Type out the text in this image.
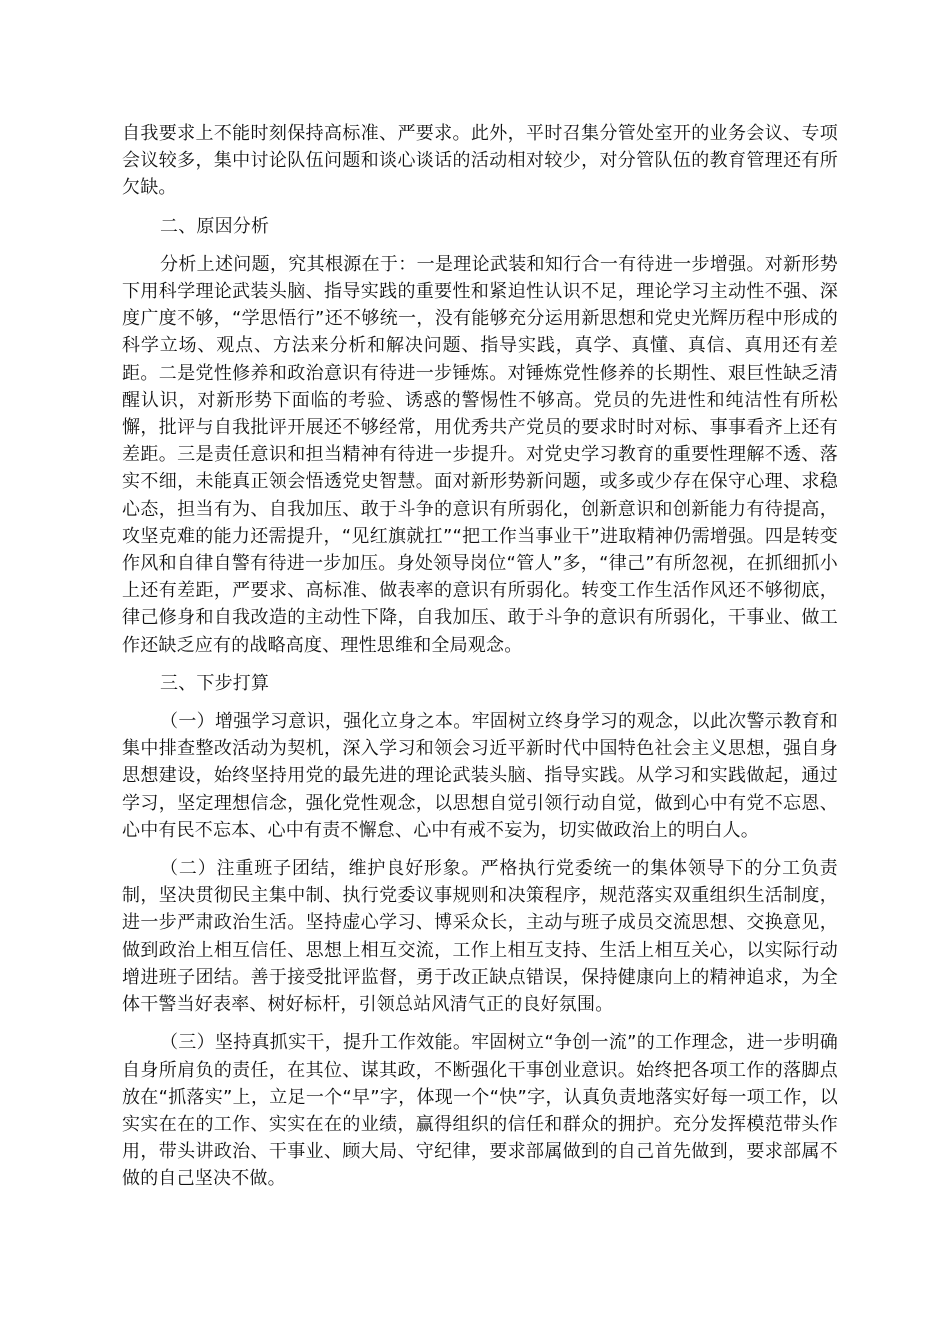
自我要求上不能时刻保持高标准、严要求。此外，平时召集分管处室开的业务会议、专项会议较多，集中讨论队伍问题和谈心谈话的活动相对较少，对分管队伍的教育管理还有所欠缺。

二、原因分析

分析上述问题，究其根源在于：一是理论武装和知行合一有待进一步增强。对新形势下用科学理论武装头脑、指导实践的重要性和紧迫性认识不足，理论学习主动性不强、深度广度不够，“学思悟行”还不够统一，没有能够充分运用新思想和党史光辉历程中形成的科学立场、观点、方法来分析和解决问题、指导实践，真学、真懂、真信、真用还有差距。二是党性修养和政治意识有待进一步锤炼。对锤炼党性修养的长期性、艰巨性缺乏清醒认识，对新形势下面临的考验、诱惑的警惕性不够高。党员的先进性和纯洁性有所松懈，批评与自我批评开展还不够经常，用优秀共产党员的要求时时对标、事事看齐上还有差距。三是责任意识和担当精神有待进一步提升。对党史学习教育的重要性理解不透、落实不细，未能真正领会悟透党史智慧。面对新形势新问题，或多或少存在保守心理、求稳心态，担当有为、自我加压、敢于斗争的意识有所弱化，创新意识和创新能力有待提高，攻坚克难的能力还需提升，“见红旗就扛”“把工作当事业干”进取精神仍需增强。四是转变作风和自律自警有待进一步加压。身处领导岗位“管人”多，“律己”有所忽视，在抓细抓小上还有差距，严要求、高标准、做表率的意识有所弱化。转变工作生活作风还不够彻底，律己修身和自我改造的主动性下降，自我加压、敢于斗争的意识有所弱化，干事业、做工作还缺乏应有的战略高度、理性思维和全局观念。

三、下步打算

（一）增强学习意识，强化立身之本。牢固树立终身学习的观念，以此次警示教育和集中排查整改活动为契机，深入学习和领会习近平新时代中国特色社会主义思想，强自身思想建设，始终坚持用党的最先进的理论武装头脑、指导实践。从学习和实践做起，通过学习，坚定理想信念，强化党性观念，以思想自觉引领行动自觉，做到心中有党不忘恩、心中有民不忘本、心中有责不懈怠、心中有戒不妄为，切实做政治上的明白人。

（二）注重班子团结，维护良好形象。严格执行党委统一的集体领导下的分工负责制，坚决贯彻民主集中制、执行党委议事规则和决策程序，规范落实双重组织生活制度，进一步严肃政治生活。坚持虚心学习、博采众长，主动与班子成员交流思想、交换意见，做到政治上相互信任、思想上相互交流，工作上相互支持、生活上相互关心，以实际行动增进班子团结。善于接受批评监督，勇于改正缺点错误，保持健康向上的精神追求，为全体干警当好表率、树好标杆，引领总站风清气正的良好氛围。

（三）坚持真抓实干，提升工作效能。牢固树立“争创一流”的工作理念，进一步明确自身所肩负的责任，在其位、谋其政，不断强化干事创业意识。始终把各项工作的落脚点放在“抓落实”上，立足一个“早”字，体现一个“快”字，认真负责地落实好每一项工作，以实实在在的工作、实实在在的业绩，赢得组织的信任和群众的拥护。充分发挥模范带头作用，带头讲政治、干事业、顾大局、守纪律，要求部属做到的自己首先做到，要求部属不做的自己坚决不做。
